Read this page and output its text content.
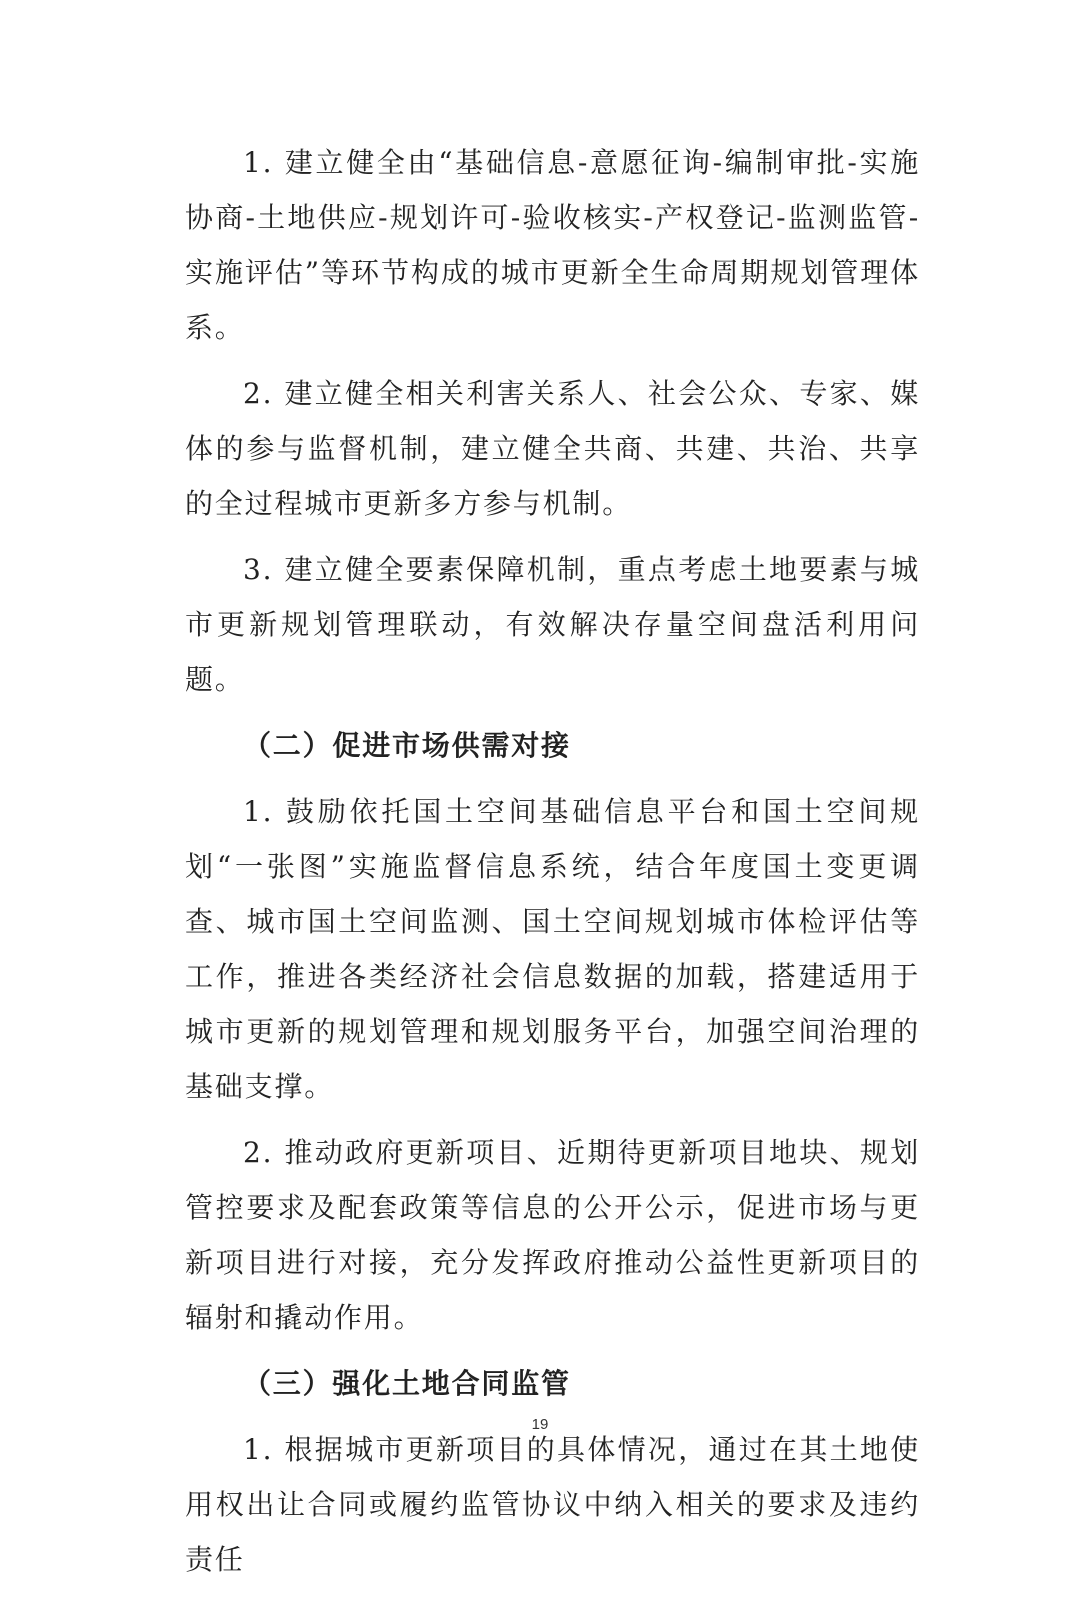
1. 建立健全由“基础信息-意愿征询-编制审批-实施协商-土地供应-规划许可-验收核实-产权登记-监测监管-实施评估”等环节构成的城市更新全生命周期规划管理体系。

2. 建立健全相关利害关系人、社会公众、专家、媒体的参与监督机制，建立健全共商、共建、共治、共享的全过程城市更新多方参与机制。

3. 建立健全要素保障机制，重点考虑土地要素与城市更新规划管理联动，有效解决存量空间盘活利用问题。

（二）促进市场供需对接

1. 鼓励依托国土空间基础信息平台和国土空间规划“一张图”实施监督信息系统，结合年度国土变更调查、城市国土空间监测、国土空间规划城市体检评估等工作，推进各类经济社会信息数据的加载，搭建适用于城市更新的规划管理和规划服务平台，加强空间治理的基础支撑。

2. 推动政府更新项目、近期待更新项目地块、规划管控要求及配套政策等信息的公开公示，促进市场与更新项目进行对接，充分发挥政府推动公益性更新项目的辐射和撬动作用。

（三）强化土地合同监管

1. 根据城市更新项目的具体情况，通过在其土地使用权出让合同或履约监管协议中纳入相关的要求及违约责任

19
